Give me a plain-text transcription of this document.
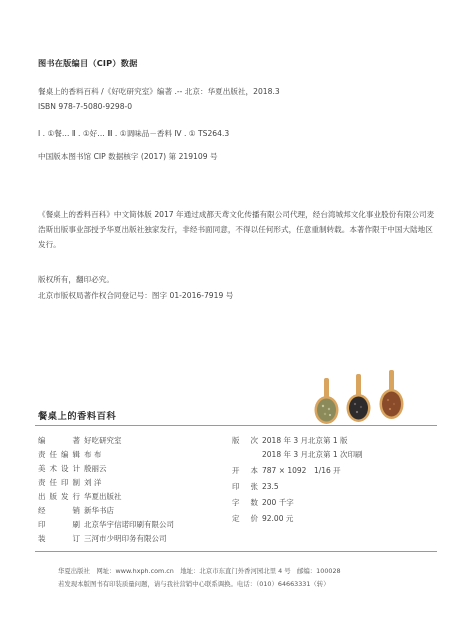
图书在版编目（CIP）数据
餐桌上的香料百科 /《好吃研究室》编著 .-- 北京：华夏出版社，2018.3
ISBN 978-7-5080-9298-0
Ⅰ . ①餐… Ⅱ . ①好… Ⅲ . ①调味品－香料 Ⅳ . ① TS264.3
中国版本图书馆 CIP 数据核字 (2017) 第 219109 号
《餐桌上的香料百科》中文简体版 2017 年通过成都天鸢文化传播有限公司代理，经台湾城邦文化事业股份有限公司麦浩斯出版事业部授予华夏出版社独家发行，非经书面同意，不得以任何形式，任意重制转载。本著作限于中国大陆地区发行。
版权所有，翻印必究。
北京市版权局著作权合同登记号：图字 01-2016-7919 号
餐桌上的香料百科
编著 好吃研究室
责任编辑 布 布
美术设计 殷丽云
责任印制 刘 洋
出版发行 华夏出版社
经销 新华书店
印刷 北京华宇信诺印刷有限公司
装订 三河市少明印务有限公司
版次 2018 年 3 月北京第 1 版
2018 年 3 月北京第 1 次印刷
开本 787 × 1092　1/16 开
印张 23.5
字数 200 千字
定价 92.00 元
华夏出版社　网址：www.hxph.com.cn　地址：北京市东直门外香河园北里 4 号　邮编：100028
若发现本版图书有印装质量问题，请与我社营销中心联系调换。电话：（010）64663331（转）
